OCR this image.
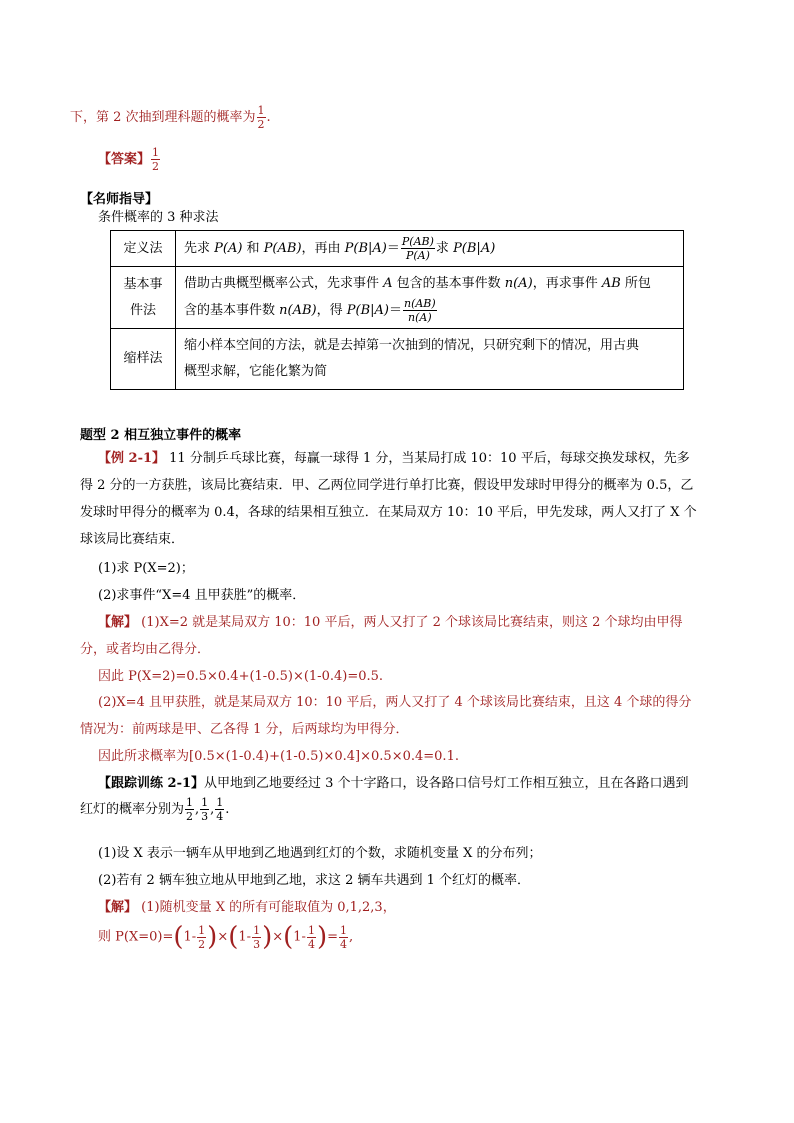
下，第 2 次抽到理科题的概率为 $\frac{1}{2}$ .
【答案】 $\frac{1}{2}$
【名师指导】
条件概率的 3 种求法
定义法	先求 P(A) 和 P(AB)，再由 $P(B|A)= \frac{P(AB)}{P(A)}$ 求 P(B|A)
基本事件法	借助古典概型概率公式，先求事件 A 包含的基本事件数 n(A)，再求事件 AB 所包
含的基本事件数 n(AB)，得 $P(B|A)= \frac{n(AB)}{n(A)}$

缩样法	缩小样本空间的方法，就是去掉第一次抽到的情况，只研究剩下的情况，用古典
概型求解，它能化繁为简
题型 2 相互独立事件的概率
【例 2-1】 11 分制乒乓球比赛，每赢一球得 1 分，当某局打成 10：10 平后，每球交换发球权，先多
得 2 分的一方获胜，该局比赛结束．甲、乙两位同学进行单打比赛，假设甲发球时甲得分的概率为 0.5，乙
发球时甲得分的概率为 0.4，各球的结果相互独立．在某局双方 10：10 平后，甲先发球，两人又打了 X 个
球该局比赛结束．
(1)求 P(X=2)；
(2)求事件“X=4 且甲获胜”的概率．
【解】 (1)X=2 就是某局双方 10：10 平后，两人又打了 2 个球该局比赛结束，则这 2 个球均由甲得
分，或者均由乙得分．
因此 P(X=2)=0.5×0.4+(1-0.5)×(1-0.4)=0.5.
(2)X=4 且甲获胜，就是某局双方 10：10 平后，两人又打了 4 个球该局比赛结束，且这 4 个球的得分
情况为：前两球是甲、乙各得 1 分，后两球均为甲得分．
因此所求概率为[0.5×(1-0.4)+(1-0.5)×0.4]×0.5×0.4=0.1.
【跟踪训练 2-1】从甲地到乙地要经过 3 个十字路口，设各路口信号灯工作相互独立，且在各路口遇到
红灯的概率分别为 $\frac{1}{2}$ , $\frac{1}{3}$ , $\frac{1}{4}$ .
(1)设 X 表示一辆车从甲地到乙地遇到红灯的个数，求随机变量 X 的分布列；
(2)若有 2 辆车独立地从甲地到乙地，求这 2 辆车共遇到 1 个红灯的概率．
【解】 (1)随机变量 X 的所有可能取值为 0,1,2,3，
则 $P(X=0)=(1- \frac{1}{2} )\times(1- \frac{1}{3} )\times(1- \frac{1}{4}$ )= $\frac{1}{4}$ ,
